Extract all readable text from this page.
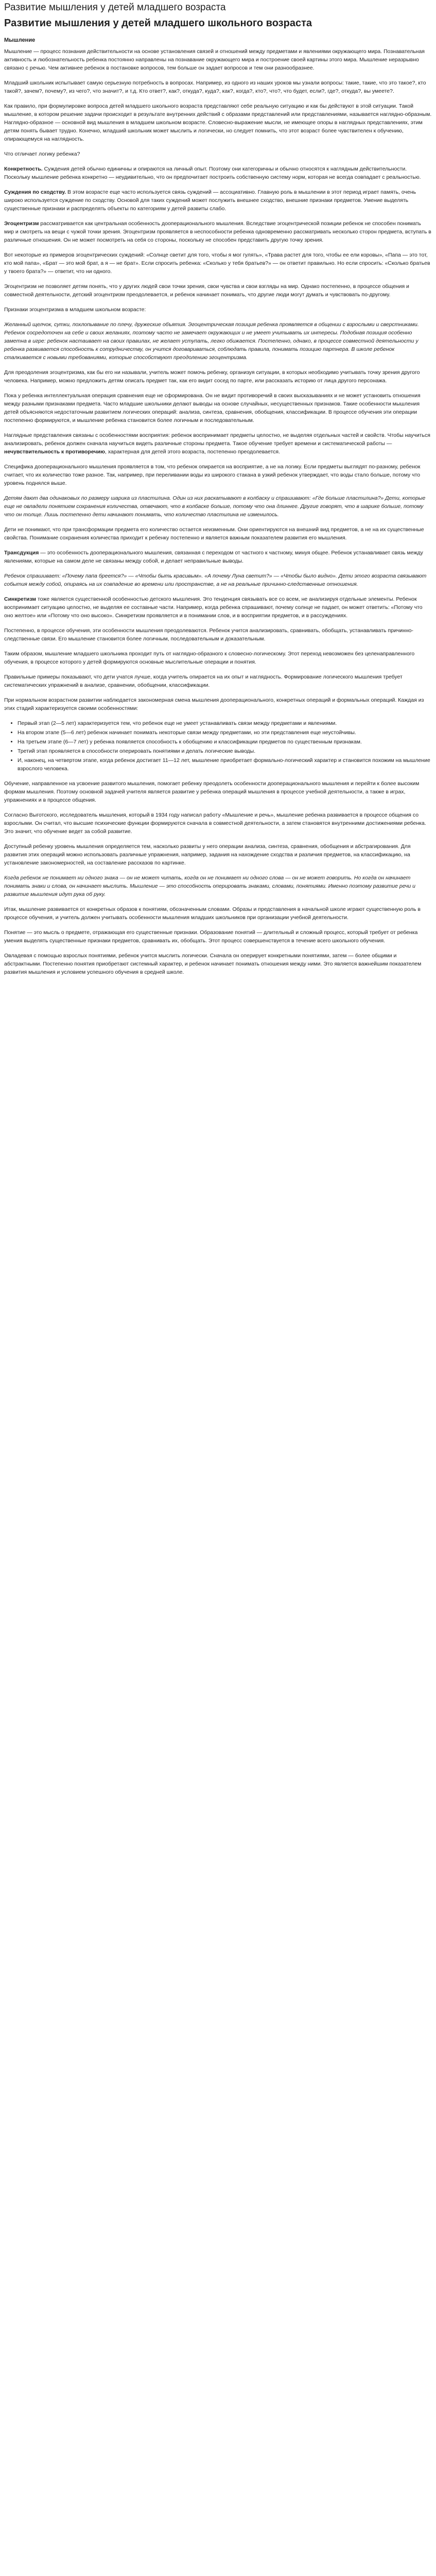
Развитие мышления у детей младшего возраста
Развитие мышления у детей младшего школьного возраста
Мышление

Мышление — процесс познания действительности на основе установления связей и отношений между предметами и явлениями окружающего мира. Познавательная активность и любознательность ребенка постоянно направлены на познавание окружающего мира и построение своей картины этого мира. Мышление неразрывно связано с речью. Чем активнее ребенок в постановке вопросов, тем больше он задает вопросов и тем они разнообразнее.

Младший школьник испытывает самую серьезную потребность в вопросах. Например, из одного из наших уроков мы узнали вопросы: такие, такие, что это такое?, кто такой?, зачем?, почему?, из чего?, что значит?, и т.д. Кто ответ?, как?, откуда?, куда?, как?, когда?, кто?, что?, что будет, если?, где?, откуда?, вы умеете?.

Как правило, при формулировке вопроса детей младшего школьного возраста представляют себе реальную ситуацию и как бы действуют в этой ситуации. Такой мышление, в котором решение задачи происходит в результате внутренних действий с образами представлений или представлениями, называется наглядно-образным. Наглядно-образное — основной вид мышления в младшем школьном возрасте. Словесно-выражение мысли, не имеющее опоры в наглядных представлениях, этим детям понять бывает трудно. Конечно, младший школьник может мыслить и логически, но следует помнить, что этот возраст более чувствителен к обучению, опирающемуся на наглядность.

Что отличает логику ребенка?

Конкретность. Суждения детей обычно единичны и опираются на личный опыт. Поэтому они категоричны и обычно относятся к наглядным действительности. Поскольку мышление ребенка конкретно — неудивительно, что он предпочитает построить собственную систему норм, которая не всегда совпадает с реальностью.

Суждения по сходству. В этом возрасте еще часто используется связь суждений — ассоциативно. Главную роль в мышлении в этот период играет память, очень широко используется суждение по сходству. Основой для таких суждений может послужить внешнее сходство, внешние признаки предметов. Умение выделять существенные признаки и распределять объекты по категориям у детей развиты слабо.

Эгоцентризм рассматривается как центральная особенность дооперационального мышления. Вследствие эгоцентрической позиции ребенок не способен понимать мир и смотреть на вещи с чужой точки зрения. Эгоцентризм проявляется в неспособности ребенка одновременно рассматривать несколько сторон предмета, вступать в различные отношения. Он не может посмотреть на себя со стороны, поскольку не способен представить другую точку зрения.

Вот некоторые из примеров эгоцентрических суждений: «Солнце светит для того, чтобы я мог гулять», «Трава растет для того, чтобы ее ели коровы», «Папа — это тот, кто мой папа», «Брат — это мой брат, а я — не брат». Если спросить ребенка: «Сколько у тебя братьев?» — он ответит правильно. Но если спросить: «Сколько братьев у твоего брата?» — ответит, что ни одного.

Эгоцентризм не позволяет детям понять, что у других людей свои точки зрения, свои чувства и свои взгляды на мир. Однако постепенно, в процессе общения и совместной деятельности, детский эгоцентризм преодолевается, и ребенок начинает понимать, что другие люди могут думать и чувствовать по-другому.

Признаки эгоцентризма в младшем школьном возрасте:

Желанный щелчок, сутки, похлопывание по плечу, дружеские объятия. Эгоцентрическая позиция ребенка проявляется в общении с взрослыми и сверстниками. Ребенок сосредоточен на себе и своих желаниях, поэтому часто не замечает окружающих и не умеет учитывать их интересы. Подобная позиция особенно заметна в игре: ребенок настаивает на своих правилах, не желает уступать, легко обижается. Постепенно, однако, в процессе совместной деятельности у ребенка развивается способность к сотрудничеству, он учится договариваться, соблюдать правила, понимать позицию партнера. В школе ребенок сталкивается с новыми требованиями, которые способствуют преодолению эгоцентризма.

Для преодоления эгоцентризма, как бы его ни называли, учитель может помочь ребенку, организуя ситуации, в которых необходимо учитывать точку зрения другого человека. Например, можно предложить детям описать предмет так, как его видит сосед по парте, или рассказать историю от лица другого персонажа.

Пока у ребенка интеллектуальная операция сравнения еще не сформирована. Он не видит противоречий в своих высказываниях и не может установить отношения между разными признаками предмета. Часто младшие школьники делают выводы на основе случайных, несущественных признаков. Такие особенности мышления детей объясняются недостаточным развитием логических операций: анализа, синтеза, сравнения, обобщения, классификации. В процессе обучения эти операции постепенно формируются, и мышление ребенка становится более логичным и последовательным.

Наглядные представления связаны с особенностями восприятия: ребенок воспринимает предметы целостно, не выделяя отдельных частей и свойств. Чтобы научиться анализировать, ребенок должен сначала научиться видеть различные стороны предмета. Такое обучение требует времени и систематической работы — нечувствительность к противоречию, характерная для детей этого возраста, постепенно преодолевается.

Специфика дооперационального мышления проявляется в том, что ребенок опирается на восприятие, а не на логику. Если предметы выглядят по-разному, ребенок считает, что их количество тоже разное. Так, например, при переливании воды из широкого стакана в узкий ребенок утверждает, что воды стало больше, потому что уровень поднялся выше.

Детям дают два одинаковых по размеру шарика из пластилина. Один из них раскатывают в колбаску и спрашивают: «Где больше пластилина?» Дети, которые еще не овладели понятием сохранения количества, отвечают, что в колбаске больше, потому что она длиннее. Другие говорят, что в шарике больше, потому что он толще. Лишь постепенно дети начинают понимать, что количество пластилина не изменилось.

Дети не понимают, что при трансформации предмета его количество остается неизменным. Они ориентируются на внешний вид предметов, а не на их существенные свойства. Понимание сохранения количества приходит к ребенку постепенно и является важным показателем развития его мышления.

Трансдукция — это особенность дооперационального мышления, связанная с переходом от частного к частному, минуя общее. Ребенок устанавливает связь между явлениями, которые на самом деле не связаны между собой, и делает неправильные выводы.

Ребенок спрашивает: «Почему папа бреется?» — «Чтобы быть красивым». «А почему Луна светит?» — «Чтобы было видно». Дети этого возраста связывают события между собой, опираясь на их совпадение во времени или пространстве, а не на реальные причинно-следственные отношения.

Синкретизм тоже является существенной особенностью детского мышления. Это тенденция связывать все со всем, не анализируя отдельные элементы. Ребенок воспринимает ситуацию целостно, не выделяя ее составные части. Например, когда ребенка спрашивают, почему солнце не падает, он может ответить: «Потому что оно желтое» или «Потому что оно высоко». Синкретизм проявляется и в понимании слов, и в восприятии предметов, и в рассуждениях.

Постепенно, в процессе обучения, эти особенности мышления преодолеваются. Ребенок учится анализировать, сравнивать, обобщать, устанавливать причинно-следственные связи. Его мышление становится более логичным, последовательным и доказательным.

Таким образом, мышление младшего школьника проходит путь от наглядно-образного к словесно-логическому. Этот переход невозможен без целенаправленного обучения, в процессе которого у детей формируются основные мыслительные операции и понятия.

Правильные примеры показывают, что дети учатся лучше, когда учитель опирается на их опыт и наглядность. Формирование логического мышления требует систематических упражнений в анализе, сравнении, обобщении, классификации.

При нормальном возрастном развитии наблюдается закономерная смена мышления дооперационального, конкретных операций и формальных операций. Каждая из этих стадий характеризуется своими особенностями:

• Первый этап (2—5 лет) характеризуется тем, что ребенок еще не умеет устанавливать связи между предметами и явлениями.
• На втором этапе (5—6 лет) ребенок начинает понимать некоторые связи между предметами, но эти представления еще неустойчивы.
• На третьем этапе (6—7 лет) у ребенка появляется способность к обобщению и классификации предметов по существенным признакам.
• Третий этап проявляется в способности оперировать понятиями и делать логические выводы.
• И, наконец, на четвертом этапе, когда ребенок достигает 11—12 лет, мышление приобретает формально-логический характер и становится похожим на мышление взрослого человека.

Обучение, направленное на усвоение развитого мышления, помогает ребенку преодолеть особенности дооперационального мышления и перейти к более высоким формам мышления. Поэтому основной задачей учителя является развитие у ребенка операций мышления в процессе учебной деятельности, а также в играх, упражнениях и в процессе общения.

Согласно Выготского, исследователь мышления, который в 1934 году написал работу «Мышление и речь», мышление ребенка развивается в процессе общения со взрослыми. Он считал, что высшие психические функции формируются сначала в совместной деятельности, а затем становятся внутренними достижениями ребенка. Это значит, что обучение ведет за собой развитие.

Доступный ребенку уровень мышления определяется тем, насколько развиты у него операции анализа, синтеза, сравнения, обобщения и абстрагирования. Для развития этих операций можно использовать различные упражнения, например, задания на нахождение сходства и различия предметов, на классификацию, на установление закономерностей, на составление рассказов по картинке.

Когда ребенок не понимает ни одного знака — он не может читать, когда он не понимает ни одного слова — он не может говорить. Но когда он начинает понимать знаки и слова, он начинает мыслить. Мышление — это способность оперировать знаками, словами, понятиями. Именно поэтому развитие речи и развитие мышления идут рука об руку.

Итак, мышление развивается от конкретных образов к понятиям, обозначенным словами. Образы и представления в начальной школе играют существенную роль в процессе обучения, и учитель должен учитывать особенности мышления младших школьников при организации учебной деятельности.

Понятие — это мысль о предмете, отражающая его существенные признаки. Образование понятий — длительный и сложный процесс, который требует от ребенка умения выделять существенные признаки предметов, сравнивать их, обобщать. Этот процесс совершенствуется в течение всего школьного обучения.

Овладевая с помощью взрослых понятиями, ребенок учится мыслить логически. Сначала он оперирует конкретными понятиями, затем — более общими и абстрактными. Постепенно понятия приобретают системный характер, и ребенок начинает понимать отношения между ними. Это является важнейшим показателем развития мышления и условием успешного обучения в средней школе.
